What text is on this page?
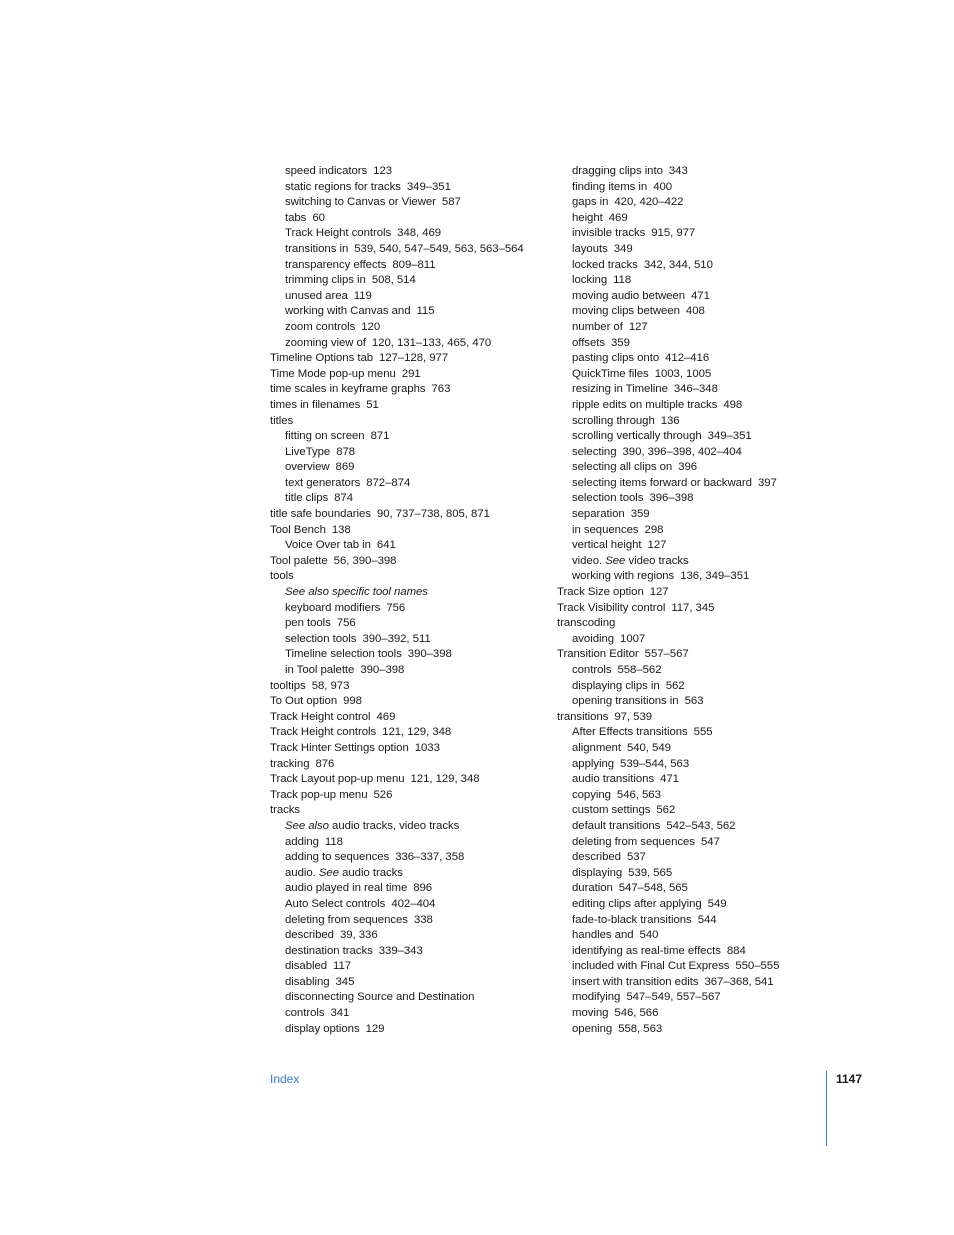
speed indicators 123
static regions for tracks 349–351
switching to Canvas or Viewer 587
tabs 60
Track Height controls 348, 469
transitions in 539, 540, 547–549, 563, 563–564
transparency effects 809–811
trimming clips in 508, 514
unused area 119
working with Canvas and 115
zoom controls 120
zooming view of 120, 131–133, 465, 470
Timeline Options tab 127–128, 977
Time Mode pop-up menu 291
time scales in keyframe graphs 763
times in filenames 51
titles
fitting on screen 871
LiveType 878
overview 869
text generators 872–874
title clips 874
title safe boundaries 90, 737–738, 805, 871
Tool Bench 138
Voice Over tab in 641
Tool palette 56, 390–398
tools
See also specific tool names
keyboard modifiers 756
pen tools 756
selection tools 390–392, 511
Timeline selection tools 390–398
in Tool palette 390–398
tooltips 58, 973
To Out option 998
Track Height control 469
Track Height controls 121, 129, 348
Track Hinter Settings option 1033
tracking 876
Track Layout pop-up menu 121, 129, 348
Track pop-up menu 526
tracks
See also audio tracks, video tracks
adding 118
adding to sequences 336–337, 358
audio. See audio tracks
audio played in real time 896
Auto Select controls 402–404
deleting from sequences 338
described 39, 336
destination tracks 339–343
disabled 117
disabling 345
disconnecting Source and Destination
controls 341
display options 129
dragging clips into 343
finding items in 400
gaps in 420, 420–422
height 469
invisible tracks 915, 977
layouts 349
locked tracks 342, 344, 510
locking 118
moving audio between 471
moving clips between 408
number of 127
offsets 359
pasting clips onto 412–416
QuickTime files 1003, 1005
resizing in Timeline 346–348
ripple edits on multiple tracks 498
scrolling through 136
scrolling vertically through 349–351
selecting 390, 396–398, 402–404
selecting all clips on 396
selecting items forward or backward 397
selection tools 396–398
separation 359
in sequences 298
vertical height 127
video. See video tracks
working with regions 136, 349–351
Track Size option 127
Track Visibility control 117, 345
transcoding
avoiding 1007
Transition Editor 557–567
controls 558–562
displaying clips in 562
opening transitions in 563
transitions 97, 539
After Effects transitions 555
alignment 540, 549
applying 539–544, 563
audio transitions 471
copying 546, 563
custom settings 562
default transitions 542–543, 562
deleting from sequences 547
described 537
displaying 539, 565
duration 547–548, 565
editing clips after applying 549
fade-to-black transitions 544
handles and 540
identifying as real-time effects 884
included with Final Cut Express 550–555
insert with transition edits 367–368, 541
modifying 547–549, 557–567
moving 546, 566
opening 558, 563
Index	1147
